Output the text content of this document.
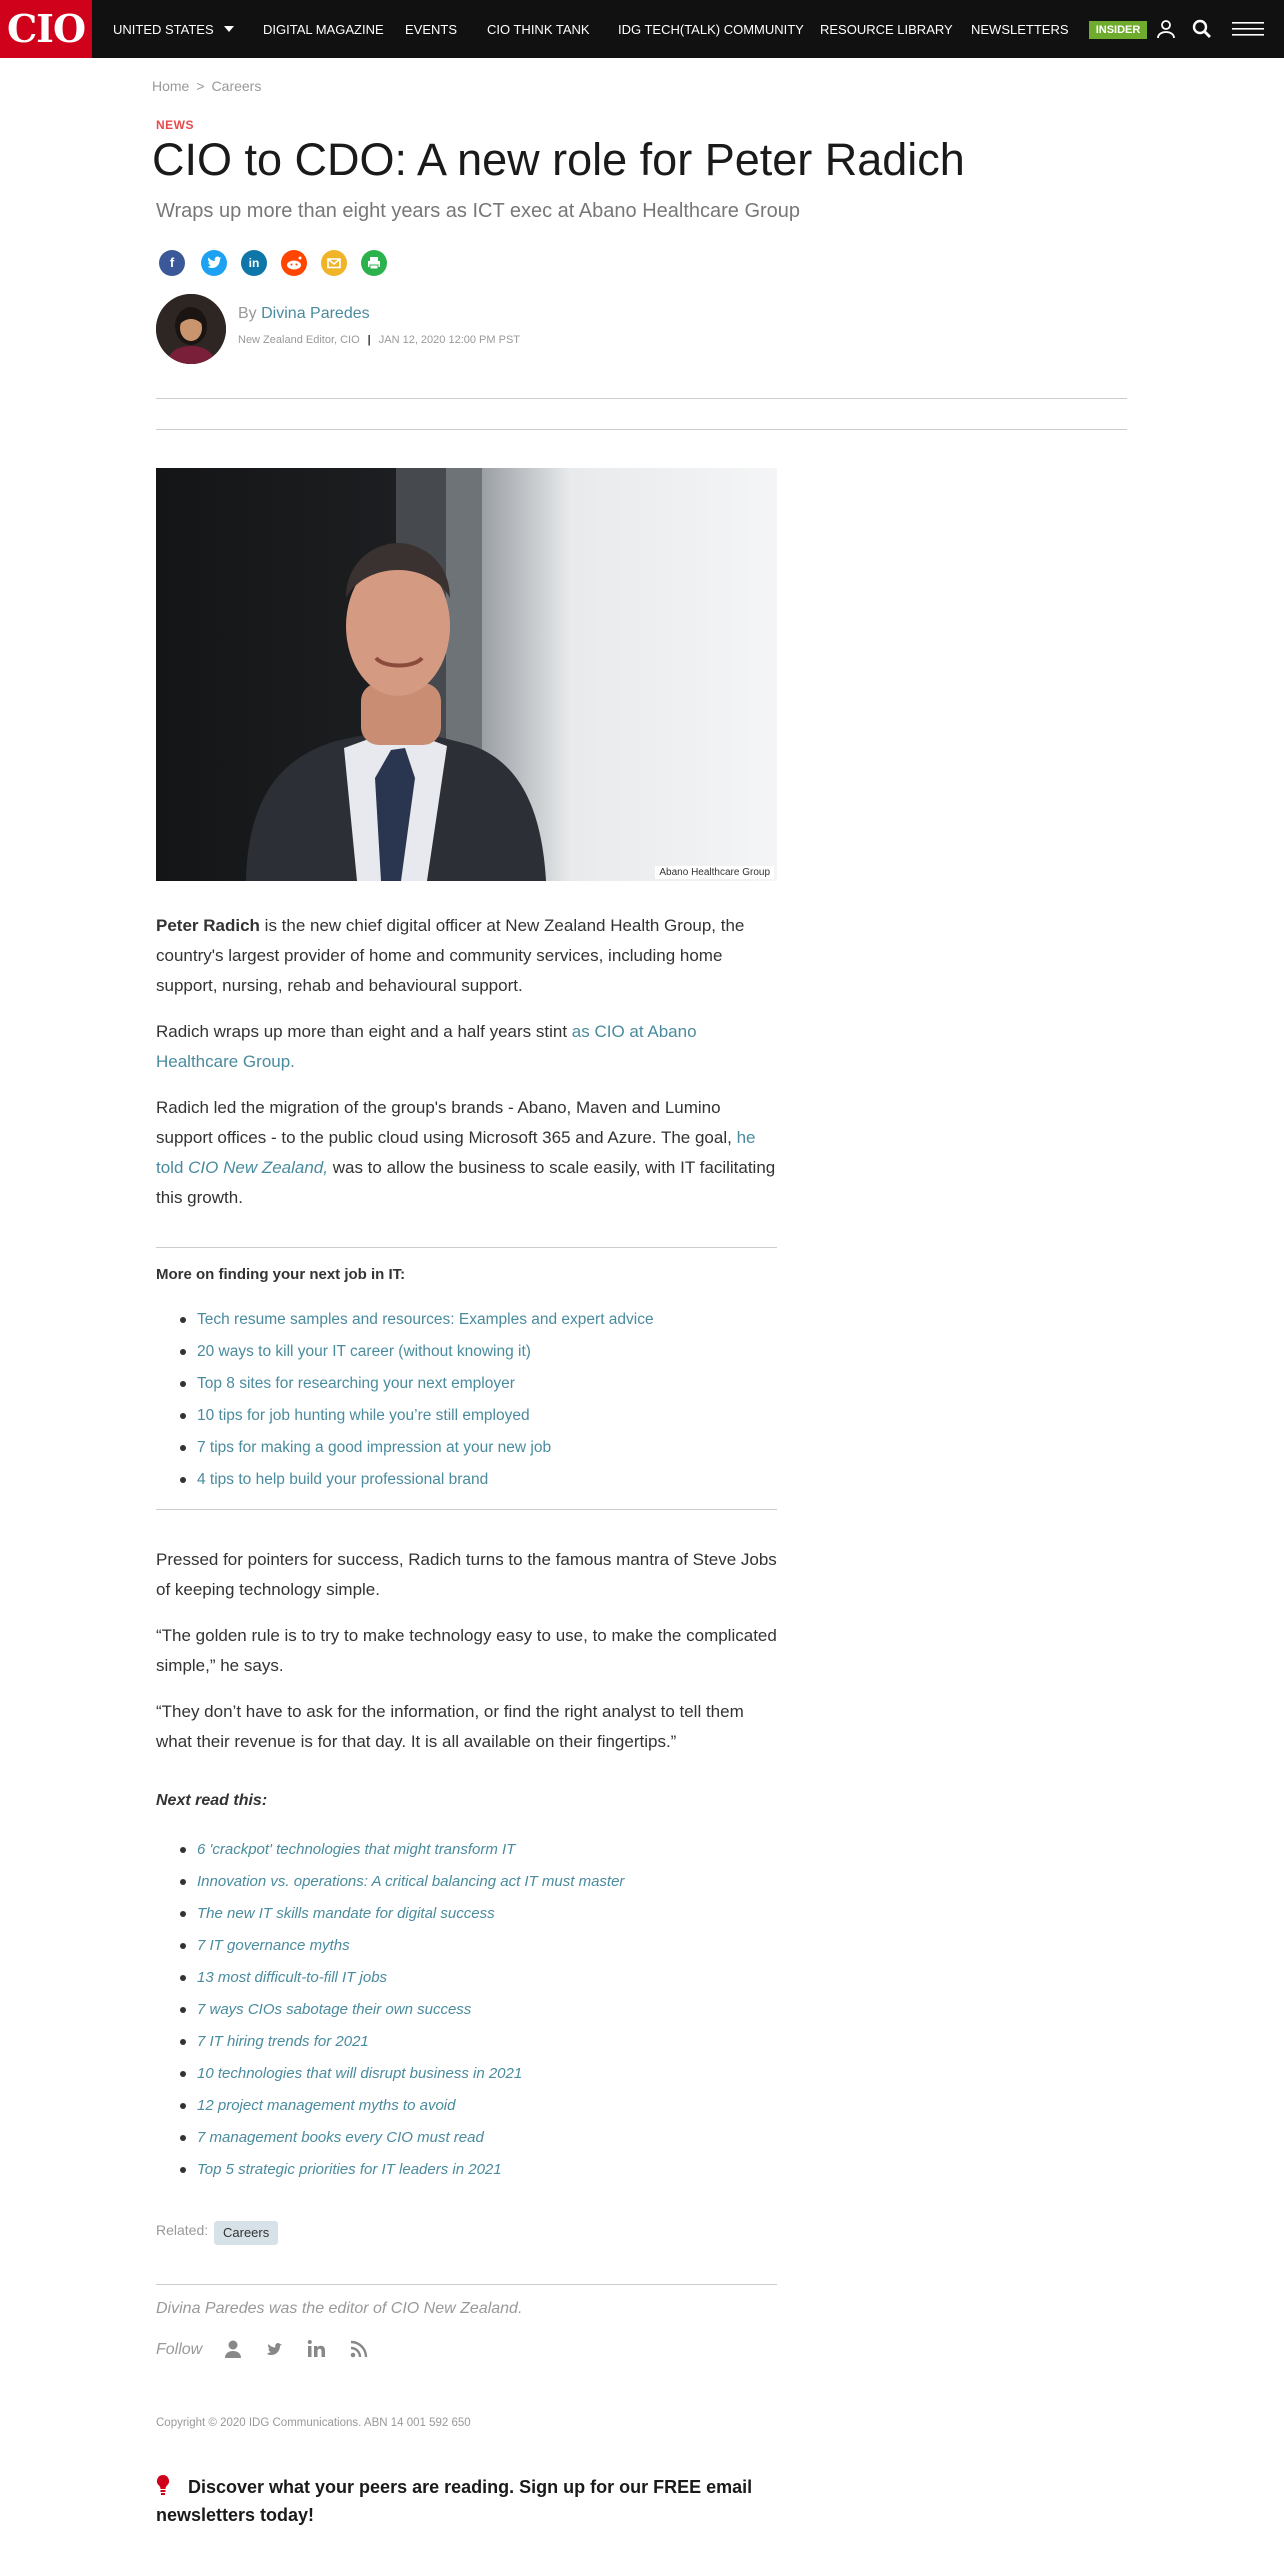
CIO	UNITED STATES	DIGITAL MAGAZINE EVENTS CIO THINK TANK IDG TECH(TALK) COMMUNITY RESOURCE LIBRARY NEWSLETTERS	INSIDER
Home > Careers
NEWS
CIO to CDO: A new role for Peter Radich
Wraps up more than eight years as ICT exec at Abano Healthcare Group
f	in
By Divina Paredes
New Zealand Editor, CIO | JAN 12, 2020 12:00 PM PST
Abano Healthcare Group

Peter Radich is the new chief digital officer at New Zealand Health Group, the country's largest provider of home and community services, including home support, nursing, rehab and behavioural support.

Radich wraps up more than eight and a half years stint as CIO at Abano Healthcare Group.

Radich led the migration of the group's brands - Abano, Maven and Lumino support offices - to the public cloud using Microsoft 365 and Azure. The goal, he told CIO New Zealand, was to allow the business to scale easily, with IT facilitating this growth.

More on finding your next job in IT:
Tech resume samples and resources: Examples and expert advice
20 ways to kill your IT career (without knowing it)
Top 8 sites for researching your next employer
10 tips for job hunting while you’re still employed
7 tips for making a good impression at your new job
4 tips to help build your professional brand

Pressed for pointers for success, Radich turns to the famous mantra of Steve Jobs of keeping technology simple.

“The golden rule is to try to make technology easy to use, to make the complicated simple,” he says.

“They don’t have to ask for the information, or find the right analyst to tell them what their revenue is for that day. It is all available on their fingertips.”

Next read this:
6 'crackpot' technologies that might transform IT
Innovation vs. operations: A critical balancing act IT must master
The new IT skills mandate for digital success
7 IT governance myths
13 most difficult-to-fill IT jobs
7 ways CIOs sabotage their own success
7 IT hiring trends for 2021
10 technologies that will disrupt business in 2021
12 project management myths to avoid
7 management books every CIO must read
Top 5 strategic priorities for IT leaders in 2021
Related:	Careers
Divina Paredes was the editor of CIO New Zealand.
Follow
Copyright © 2020 IDG Communications. ABN 14 001 592 650
Discover what your peers are reading. Sign up for our FREE email newsletters today!
